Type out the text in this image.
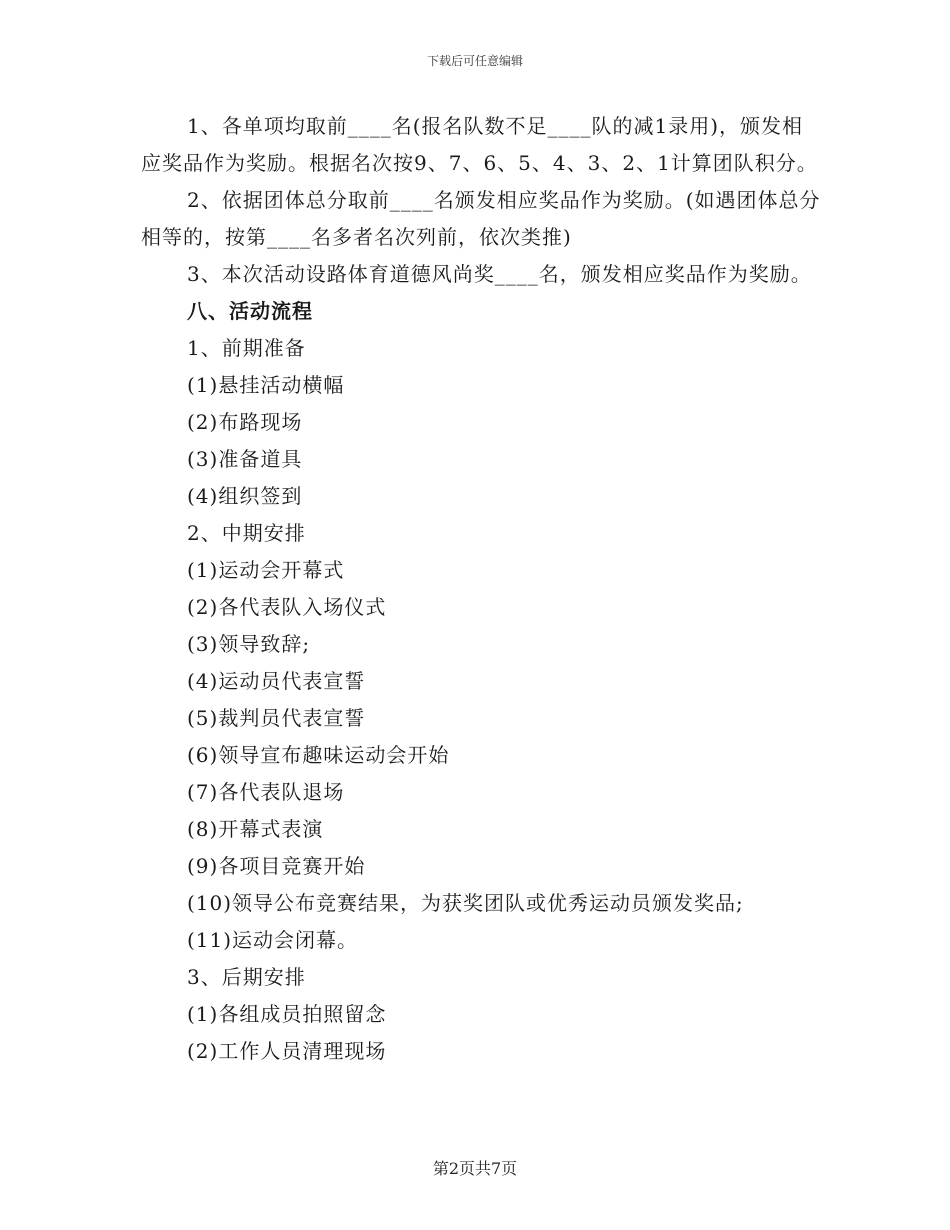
下载后可任意编辑

1、各单项均取前____名(报名队数不足____队的减1录用)，颁发相应奖品作为奖励。根据名次按9、7、6、5、4、3、2、1计算团队积分。

2、依据团体总分取前____名颁发相应奖品作为奖励。(如遇团体总分相等的，按第____名多者名次列前，依次类推)

3、本次活动设路体育道德风尚奖____名，颁发相应奖品作为奖励。

八、活动流程

1、前期准备

(1)悬挂活动横幅

(2)布路现场

(3)准备道具

(4)组织签到

2、中期安排

(1)运动会开幕式

(2)各代表队入场仪式

(3)领导致辞;

(4)运动员代表宣誓

(5)裁判员代表宣誓

(6)领导宣布趣味运动会开始

(7)各代表队退场

(8)开幕式表演

(9)各项目竞赛开始

(10)领导公布竞赛结果，为获奖团队或优秀运动员颁发奖品;

(11)运动会闭幕。

3、后期安排

(1)各组成员拍照留念

(2)工作人员清理现场

第2页共7页
